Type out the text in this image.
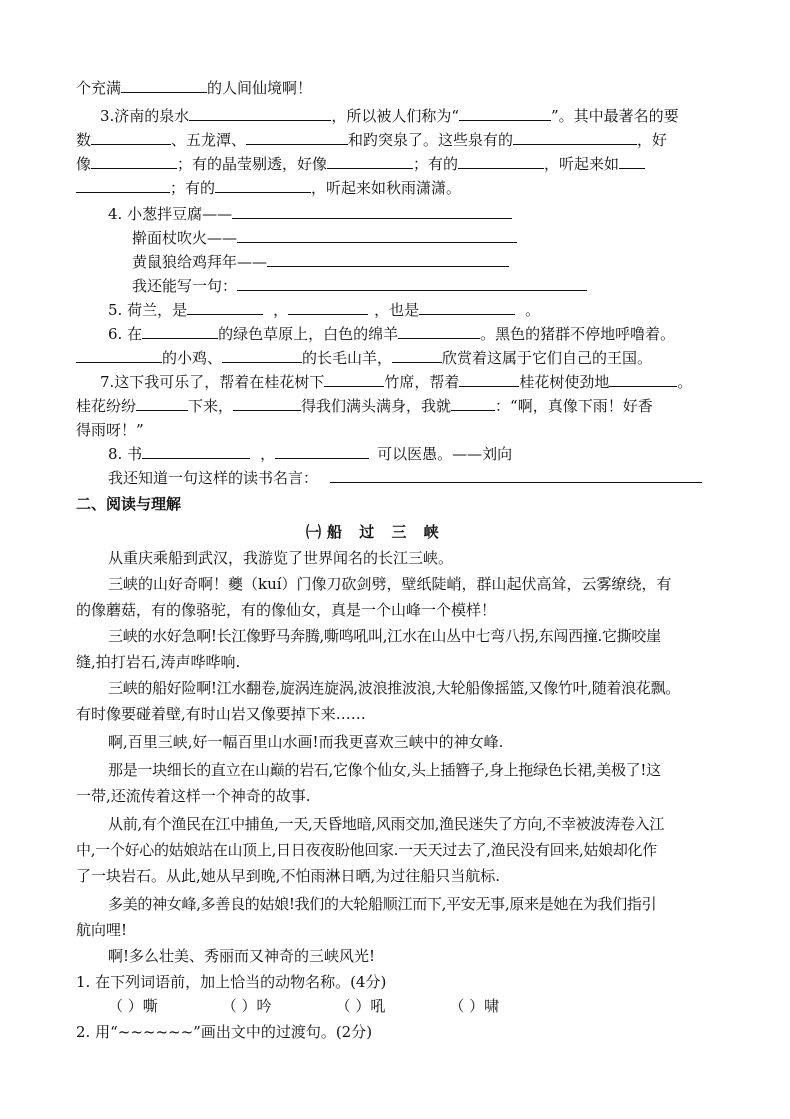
个充满	的人间仙境啊！
3.济南的泉水	，所以被人们称为“	”。其中最著名的要
数	、五龙潭、	和趵突泉了。这些泉有的	，好
像	；有的晶莹剔透，好像	；有的	，听起来如
；有的	，听起来如秋雨潇潇。
4. 小葱拌豆腐——
擀面杖吹火——
黄鼠狼给鸡拜年——
我还能写一句：
5. 荷兰，是	，	，也是	。
6. 在	的绿色草原上，白色的绵羊	。黑色的猪群不停地呼噜着。
的小鸡、	的长毛山羊，	欣赏着这属于它们自己的王国。
7.这下我可乐了，帮着在桂花树下	竹席，帮着	桂花树使劲地	。
桂花纷纷	下来，	得我们满头满身，我就	：“啊，真像下雨！好香
得雨呀！”
8. 书	，	可以医愚。——刘向
我还知道一句这样的读书名言：
二、阅读与理解
㈠船 过 三 峡
从重庆乘船到武汉，我游览了世界闻名的长江三峡。
三峡的山好奇啊！夔（kuí）门像刀砍剑劈，壁纸陡峭，群山起伏高耸，云雾缭绕，有
的像蘑菇，有的像骆驼，有的像仙女，真是一个山峰一个模样！
三峡的水好急啊!长江像野马奔腾,嘶鸣吼叫,江水在山丛中七弯八拐,东闯西撞.它撕咬崖
缝,拍打岩石,涛声哗哗响.
三峡的船好险啊!江水翻卷,旋涡连旋涡,波浪推波浪,大轮船像摇篮,又像竹叶,随着浪花飘。
有时像要碰着壁,有时山岩又像要掉下来……
啊,百里三峡,好一幅百里山水画!而我更喜欢三峡中的神女峰.
那是一块细长的直立在山巅的岩石,它像个仙女,头上插簪子,身上拖绿色长裙,美极了!这
一带,还流传着这样一个神奇的故事.
从前,有个渔民在江中捕鱼,一天,天昏地暗,风雨交加,渔民迷失了方向,不幸被波涛卷入江
中,一个好心的姑娘站在山顶上,日日夜夜盼他回家.一天天过去了,渔民没有回来,姑娘却化作
了一块岩石。从此,她从早到晚,不怕雨淋日晒,为过往船只当航标.
多美的神女峰,多善良的姑娘!我们的大轮船顺江而下,平安无事,原来是她在为我们指引
航向哩!
啊!多么壮美、秀丽而又神奇的三峡风光!
1. 在下列词语前，加上恰当的动物名称。(4分)
（ ）嘶	（ ）吟	（ ）吼	（ ）啸
2. 用“~~~~~~”画出文中的过渡句。(2分)
